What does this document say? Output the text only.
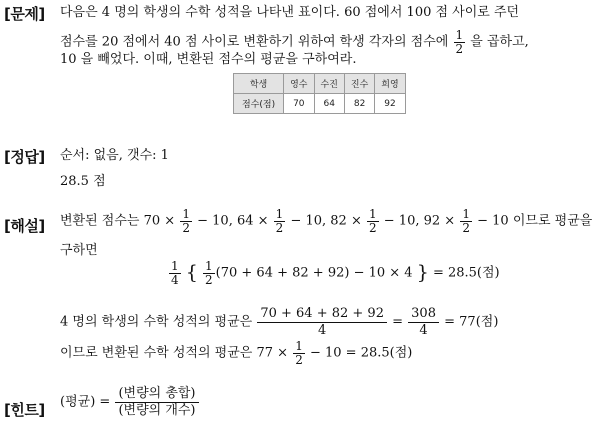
[문제] 다음은 4 명의 학생의 수학 성적을 나타낸 표이다. 60 점에서 100 점 사이로 주던
점수를 20 점에서 40 점 사이로 변환하기 위하여 학생 각자의 점수에 $\frac{1}{2}$ 을 곱하고,
10 을 빼었다. 이때, 변환된 점수의 평균을 구하여라.
학생	영수	수진	진수	희영
점수(점)	70	64	82	92
[정답] 순서: 없음, 갯수: 1
28.5 점
[해설] 변환된 점수는 $70 \times \frac{1}{2} - 10$, $64 \times \frac{1}{2} - 10$, $82 \times \frac{1}{2} - 10$, $92 \times \frac{1}{2} - 10$ 이므로 평균을
구하면
$\frac{1}{4}$ { $\frac{1}{2} (70 + 64 + 82 + 92) - 10 \times 4$ } = 28.5(점)
4 명의 학생의 수학 성적의 평균은 $\frac{70 + 64 + 82 + 92}{4} = \frac{308}{4} = 77$(점)
이므로 변환된 수학 성적의 평균은 $77 \times \frac{1}{2} - 10 = 28.5$(점)
[힌트] (평균) = $\frac{\text{(변량의 총합)}}{\text{(변량의 개수)}}$
